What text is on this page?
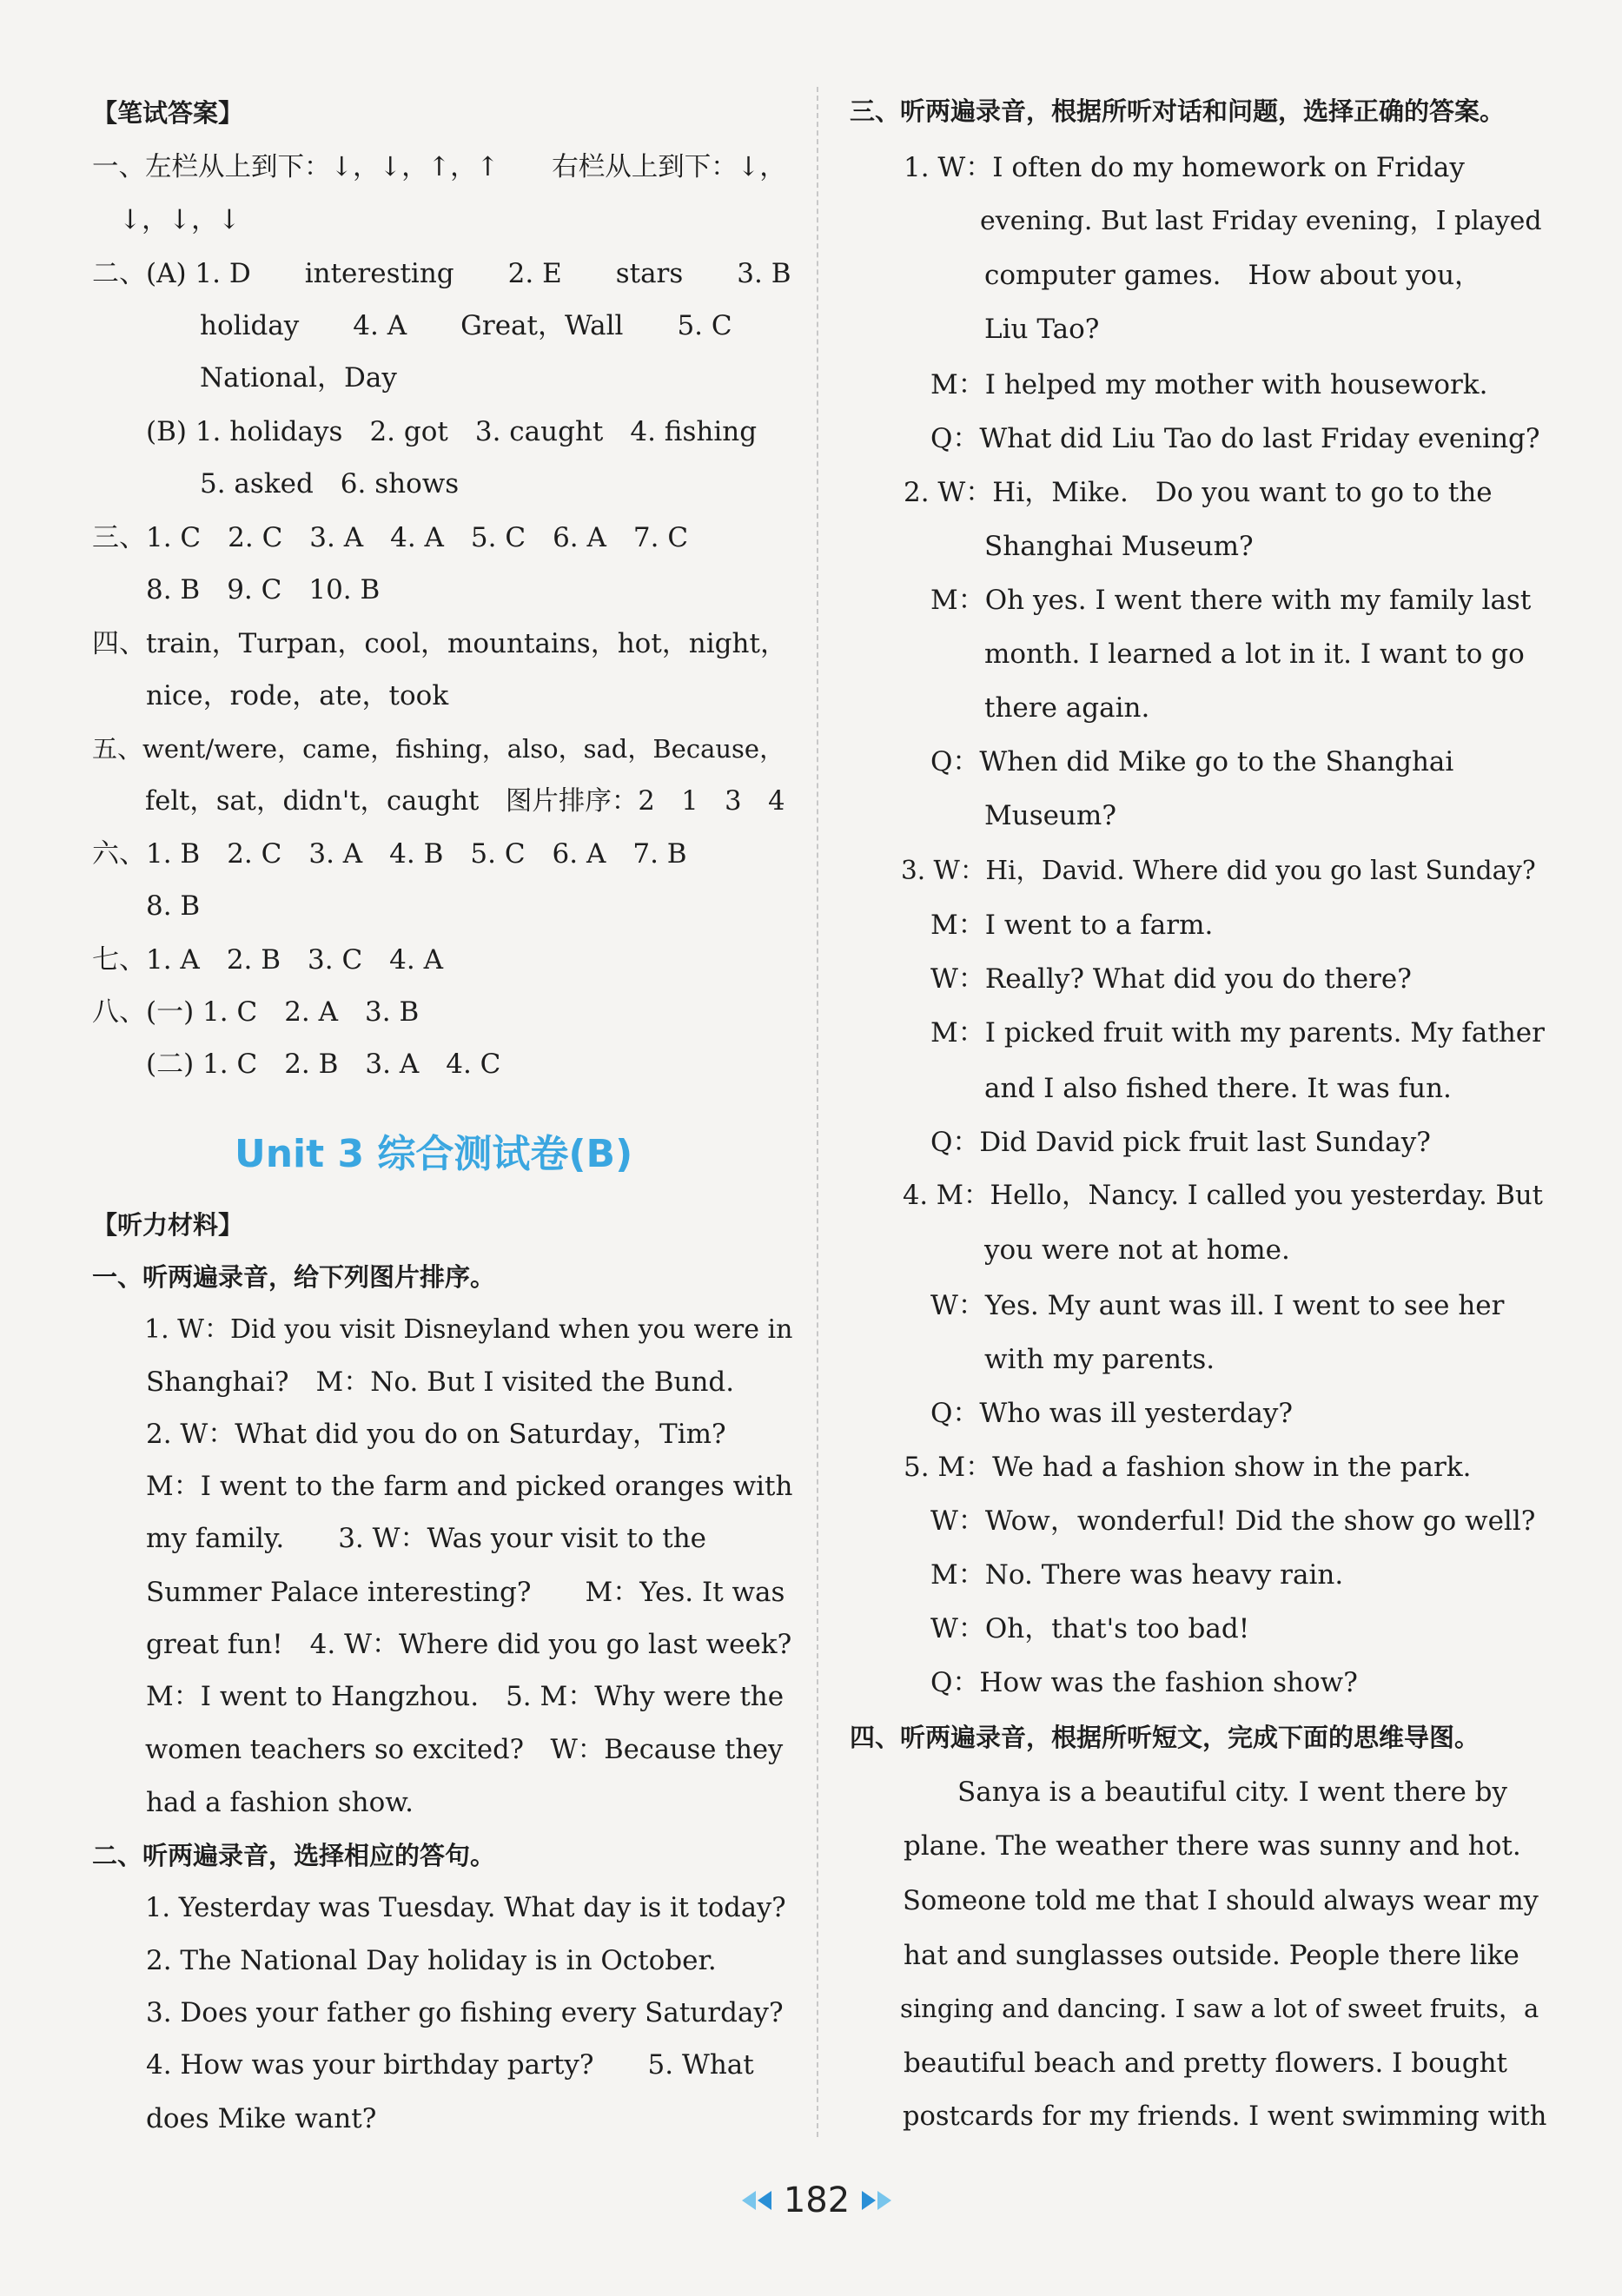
【笔试答案】
一、左栏从上到下：↓，↓，↑，↑　　右栏从上到下：↓，
　↓，↓，↓
二、(A) 1. D　　interesting　　2. E　　stars　　3. B
　　　　holiday　　4. A　　Great，Wall　　5. C
　　　　National，Day
　　(B) 1. holidays　2. got　3. caught　4. fishing
　　　　5. asked　6. shows
三、1. C　2. C　3. A　4. A　5. C　6. A　7. C
　　8. B　9. C　10. B
四、train，Turpan，cool，mountains，hot，night，
　　nice，rode，ate，took
五、went/were，came，fishing，also，sad，Because，
　　felt，sat，didn't，caught　图片排序：2　1　3　4
六、1. B　2. C　3. A　4. B　5. C　6. A　7. B
　　8. B
七、1. A　2. B　3. C　4. A
八、(一) 1. C　2. A　3. B
　　(二) 1. C　2. B　3. A　4. C
【听力材料】
一、听两遍录音，给下列图片排序。
　　1. W：Did you visit Disneyland when you were in
　　Shanghai?　M：No. But I visited the Bund.
　　2. W：What did you do on Saturday，Tim?
　　M：I went to the farm and picked oranges with
　　my family.　　3. W：Was your visit to the
　　Summer Palace interesting?　　M：Yes. It was
　　great fun!　4. W：Where did you go last week?
　　M：I went to Hangzhou.　5. M：Why were the
　　women teachers so excited?　W：Because they
　　had a fashion show.
二、听两遍录音，选择相应的答句。
　　1. Yesterday was Tuesday. What day is it today?
　　2. The National Day holiday is in October.
　　3. Does your father go fishing every Saturday?
　　4. How was your birthday party?　　5. What
　　does Mike want?
Unit 3 综合测试卷(B)
三、听两遍录音，根据所听对话和问题，选择正确的答案。
　　1. W：I often do my homework on Friday
　　　　　evening. But last Friday evening，I played
　　　　　computer games.　How about you，
　　　　　Liu Tao?
　　　M：I helped my mother with housework.
　　　Q：What did Liu Tao do last Friday evening?
　　2. W：Hi，Mike.　Do you want to go to the
　　　　　Shanghai Museum?
　　　M：Oh yes. I went there with my family last
　　　　　month. I learned a lot in it. I want to go
　　　　　there again.
　　　Q：When did Mike go to the Shanghai
　　　　　Museum?
　　3. W：Hi，David. Where did you go last Sunday?
　　　M：I went to a farm.
　　　W：Really? What did you do there?
　　　M：I picked fruit with my parents. My father
　　　　　and I also fished there. It was fun.
　　　Q：Did David pick fruit last Sunday?
　　4. M：Hello，Nancy. I called you yesterday. But
　　　　　you were not at home.
　　　W：Yes. My aunt was ill. I went to see her
　　　　　with my parents.
　　　Q：Who was ill yesterday?
　　5. M：We had a fashion show in the park.
　　　W：Wow，wonderful! Did the show go well?
　　　M：No. There was heavy rain.
　　　W：Oh，that's too bad!
　　　Q：How was the fashion show?
四、听两遍录音，根据所听短文，完成下面的思维导图。
　　　　Sanya is a beautiful city. I went there by
　　plane. The weather there was sunny and hot.
　　Someone told me that I should always wear my
　　hat and sunglasses outside. People there like
　　singing and dancing. I saw a lot of sweet fruits，a
　　beautiful beach and pretty flowers. I bought
　　postcards for my friends. I went swimming with
182
